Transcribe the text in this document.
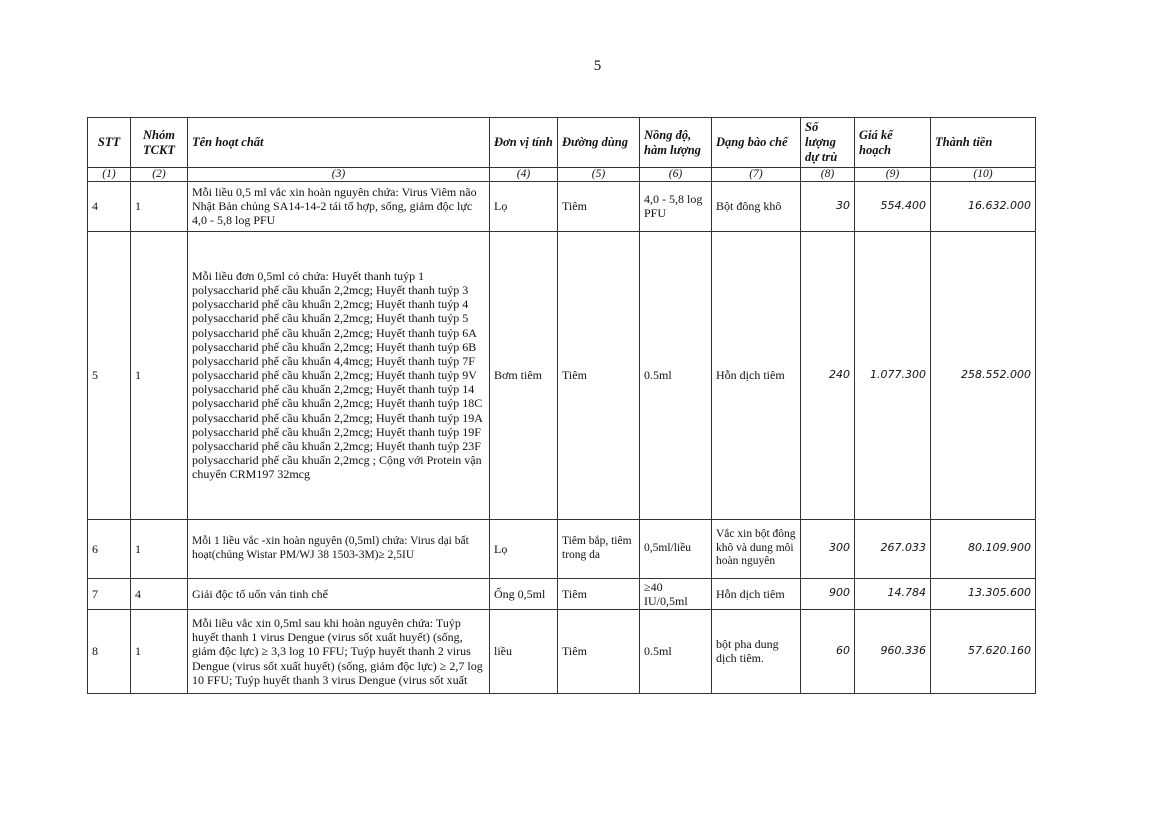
5
STT	Nhóm TCKT	Tên hoạt chất	Đơn vị tính	Đường dùng	Nồng độ, hàm lượng	Dạng bào chế	Số lượng dự trù	Giá kế hoạch	Thành tiền
(1)	(2)	(3)	(4)	(5)	(6)	(7)	(8)	(9)	(10)
4	1	Mỗi liều 0,5 ml vắc xin hoàn nguyên chứa: Virus Viêm não Nhật Bản chủng SA14-14-2 tái tổ hợp, sống, giảm độc lực 4,0 - 5,8 log PFU	Lọ	Tiêm	4,0 - 5,8 log PFU	Bột đông khô	30	554.400	16.632.000
5	1	Mỗi liều đơn 0,5ml có chứa: Huyết thanh tuýp 1 polysaccharid phế cầu khuẩn 2,2mcg; Huyết thanh tuýp 3 polysaccharid phế cầu khuẩn 2,2mcg; Huyết thanh tuýp 4 polysaccharid phế cầu khuẩn 2,2mcg; Huyết thanh tuýp 5 polysaccharid phế cầu khuẩn 2,2mcg; Huyết thanh tuýp 6A polysaccharid phế cầu khuẩn 2,2mcg; Huyết thanh tuýp 6B polysaccharid phế cầu khuẩn 4,4mcg; Huyết thanh tuýp 7F polysaccharid phế cầu khuẩn 2,2mcg; Huyết thanh tuýp 9V polysaccharid phế cầu khuẩn 2,2mcg; Huyết thanh tuýp 14 polysaccharid phế cầu khuẩn 2,2mcg; Huyết thanh tuýp 18C polysaccharid phế cầu khuẩn 2,2mcg; Huyết thanh tuýp 19A polysaccharid phế cầu khuẩn 2,2mcg; Huyết thanh tuýp 19F polysaccharid phế cầu khuẩn 2,2mcg; Huyết thanh tuýp 23F polysaccharid phế cầu khuẩn 2,2mcg ; Cộng với Protein vận chuyển CRM197 32mcg	Bơm tiêm	Tiêm	0.5ml	Hỗn dịch tiêm	240	1.077.300	258.552.000
6	1	Mỗi 1 liều vắc -xin hoàn nguyên (0,5ml) chứa: Virus dại bất hoạt(chủng Wistar PM/WJ 38 1503-3M)≥ 2,5IU	Lọ	Tiêm bắp, tiêm trong da	0,5ml/liều	Vắc xin bột đông khô và dung môi hoàn nguyên	300	267.033	80.109.900
7	4	Giải độc tố uốn ván tinh chế	Ống 0,5ml	Tiêm	≥40 IU/0,5ml	Hỗn dịch tiêm	900	14.784	13.305.600
8	1	Mỗi liều vắc xin 0,5ml sau khi hoàn nguyên chứa: Tuýp huyết thanh 1 virus Dengue (virus sốt xuất huyết) (sống, giảm độc lực) ≥ 3,3 log 10 FFU; Tuýp huyết thanh 2 virus Dengue (virus sốt xuất huyết) (sống, giảm độc lực) ≥ 2,7 log 10 FFU; Tuýp huyết thanh 3 virus Dengue (virus sốt xuất	liều	Tiêm	0.5ml	bột pha dung dịch tiêm.	60	960.336	57.620.160
